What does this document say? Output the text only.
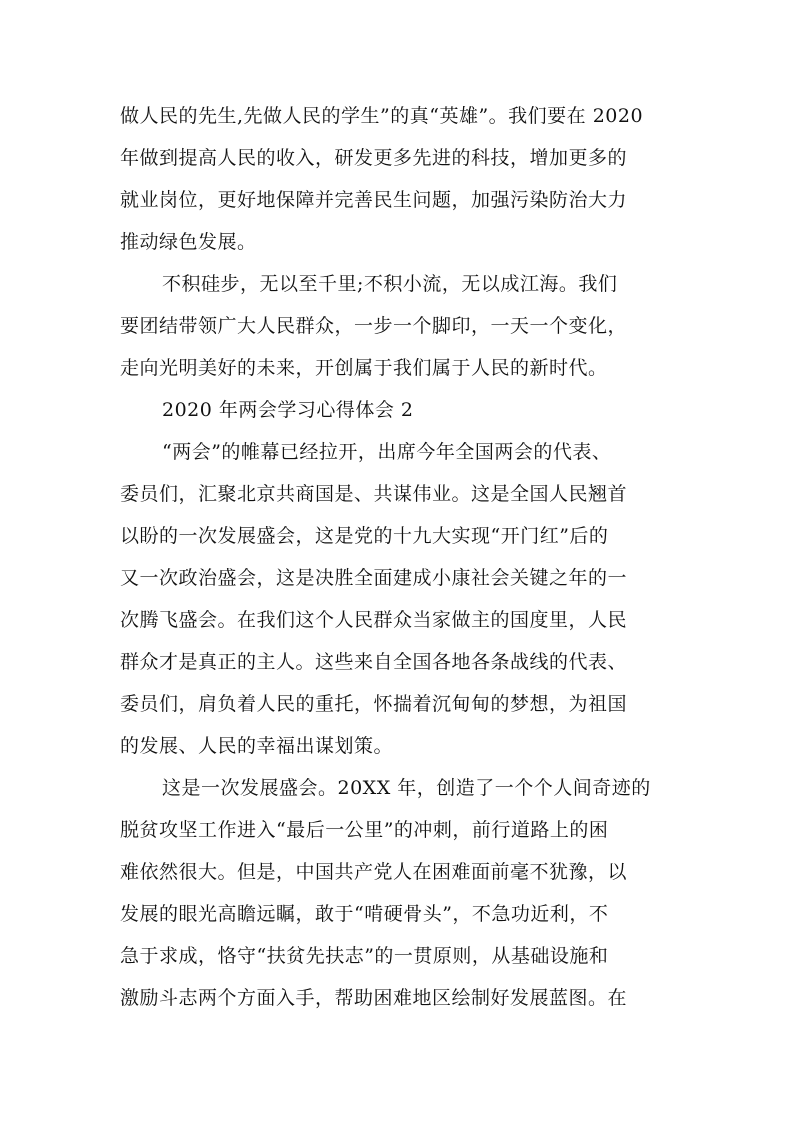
做人民的先生,先做人民的学生”的真“英雄”。我们要在 2020
年做到提高人民的收入，研发更多先进的科技，增加更多的
就业岗位，更好地保障并完善民生问题，加强污染防治大力
推动绿色发展。
不积硅步，无以至千里;不积小流，无以成江海。我们
要团结带领广大人民群众，一步一个脚印，一天一个变化，
走向光明美好的未来，开创属于我们属于人民的新时代。
2020 年两会学习心得体会 2
“两会”的帷幕已经拉开，出席今年全国两会的代表、
委员们，汇聚北京共商国是、共谋伟业。这是全国人民翘首
以盼的一次发展盛会，这是党的十九大实现“开门红”后的
又一次政治盛会，这是决胜全面建成小康社会关键之年的一
次腾飞盛会。在我们这个人民群众当家做主的国度里，人民
群众才是真正的主人。这些来自全国各地各条战线的代表、
委员们，肩负着人民的重托，怀揣着沉甸甸的梦想，为祖国
的发展、人民的幸福出谋划策。
这是一次发展盛会。20XX 年，创造了一个个人间奇迹的
脱贫攻坚工作进入“最后一公里”的冲刺，前行道路上的困
难依然很大。但是，中国共产党人在困难面前毫不犹豫，以
发展的眼光高瞻远瞩，敢于“啃硬骨头”，不急功近利，不
急于求成，恪守“扶贫先扶志”的一贯原则，从基础设施和
激励斗志两个方面入手，帮助困难地区绘制好发展蓝图。在
